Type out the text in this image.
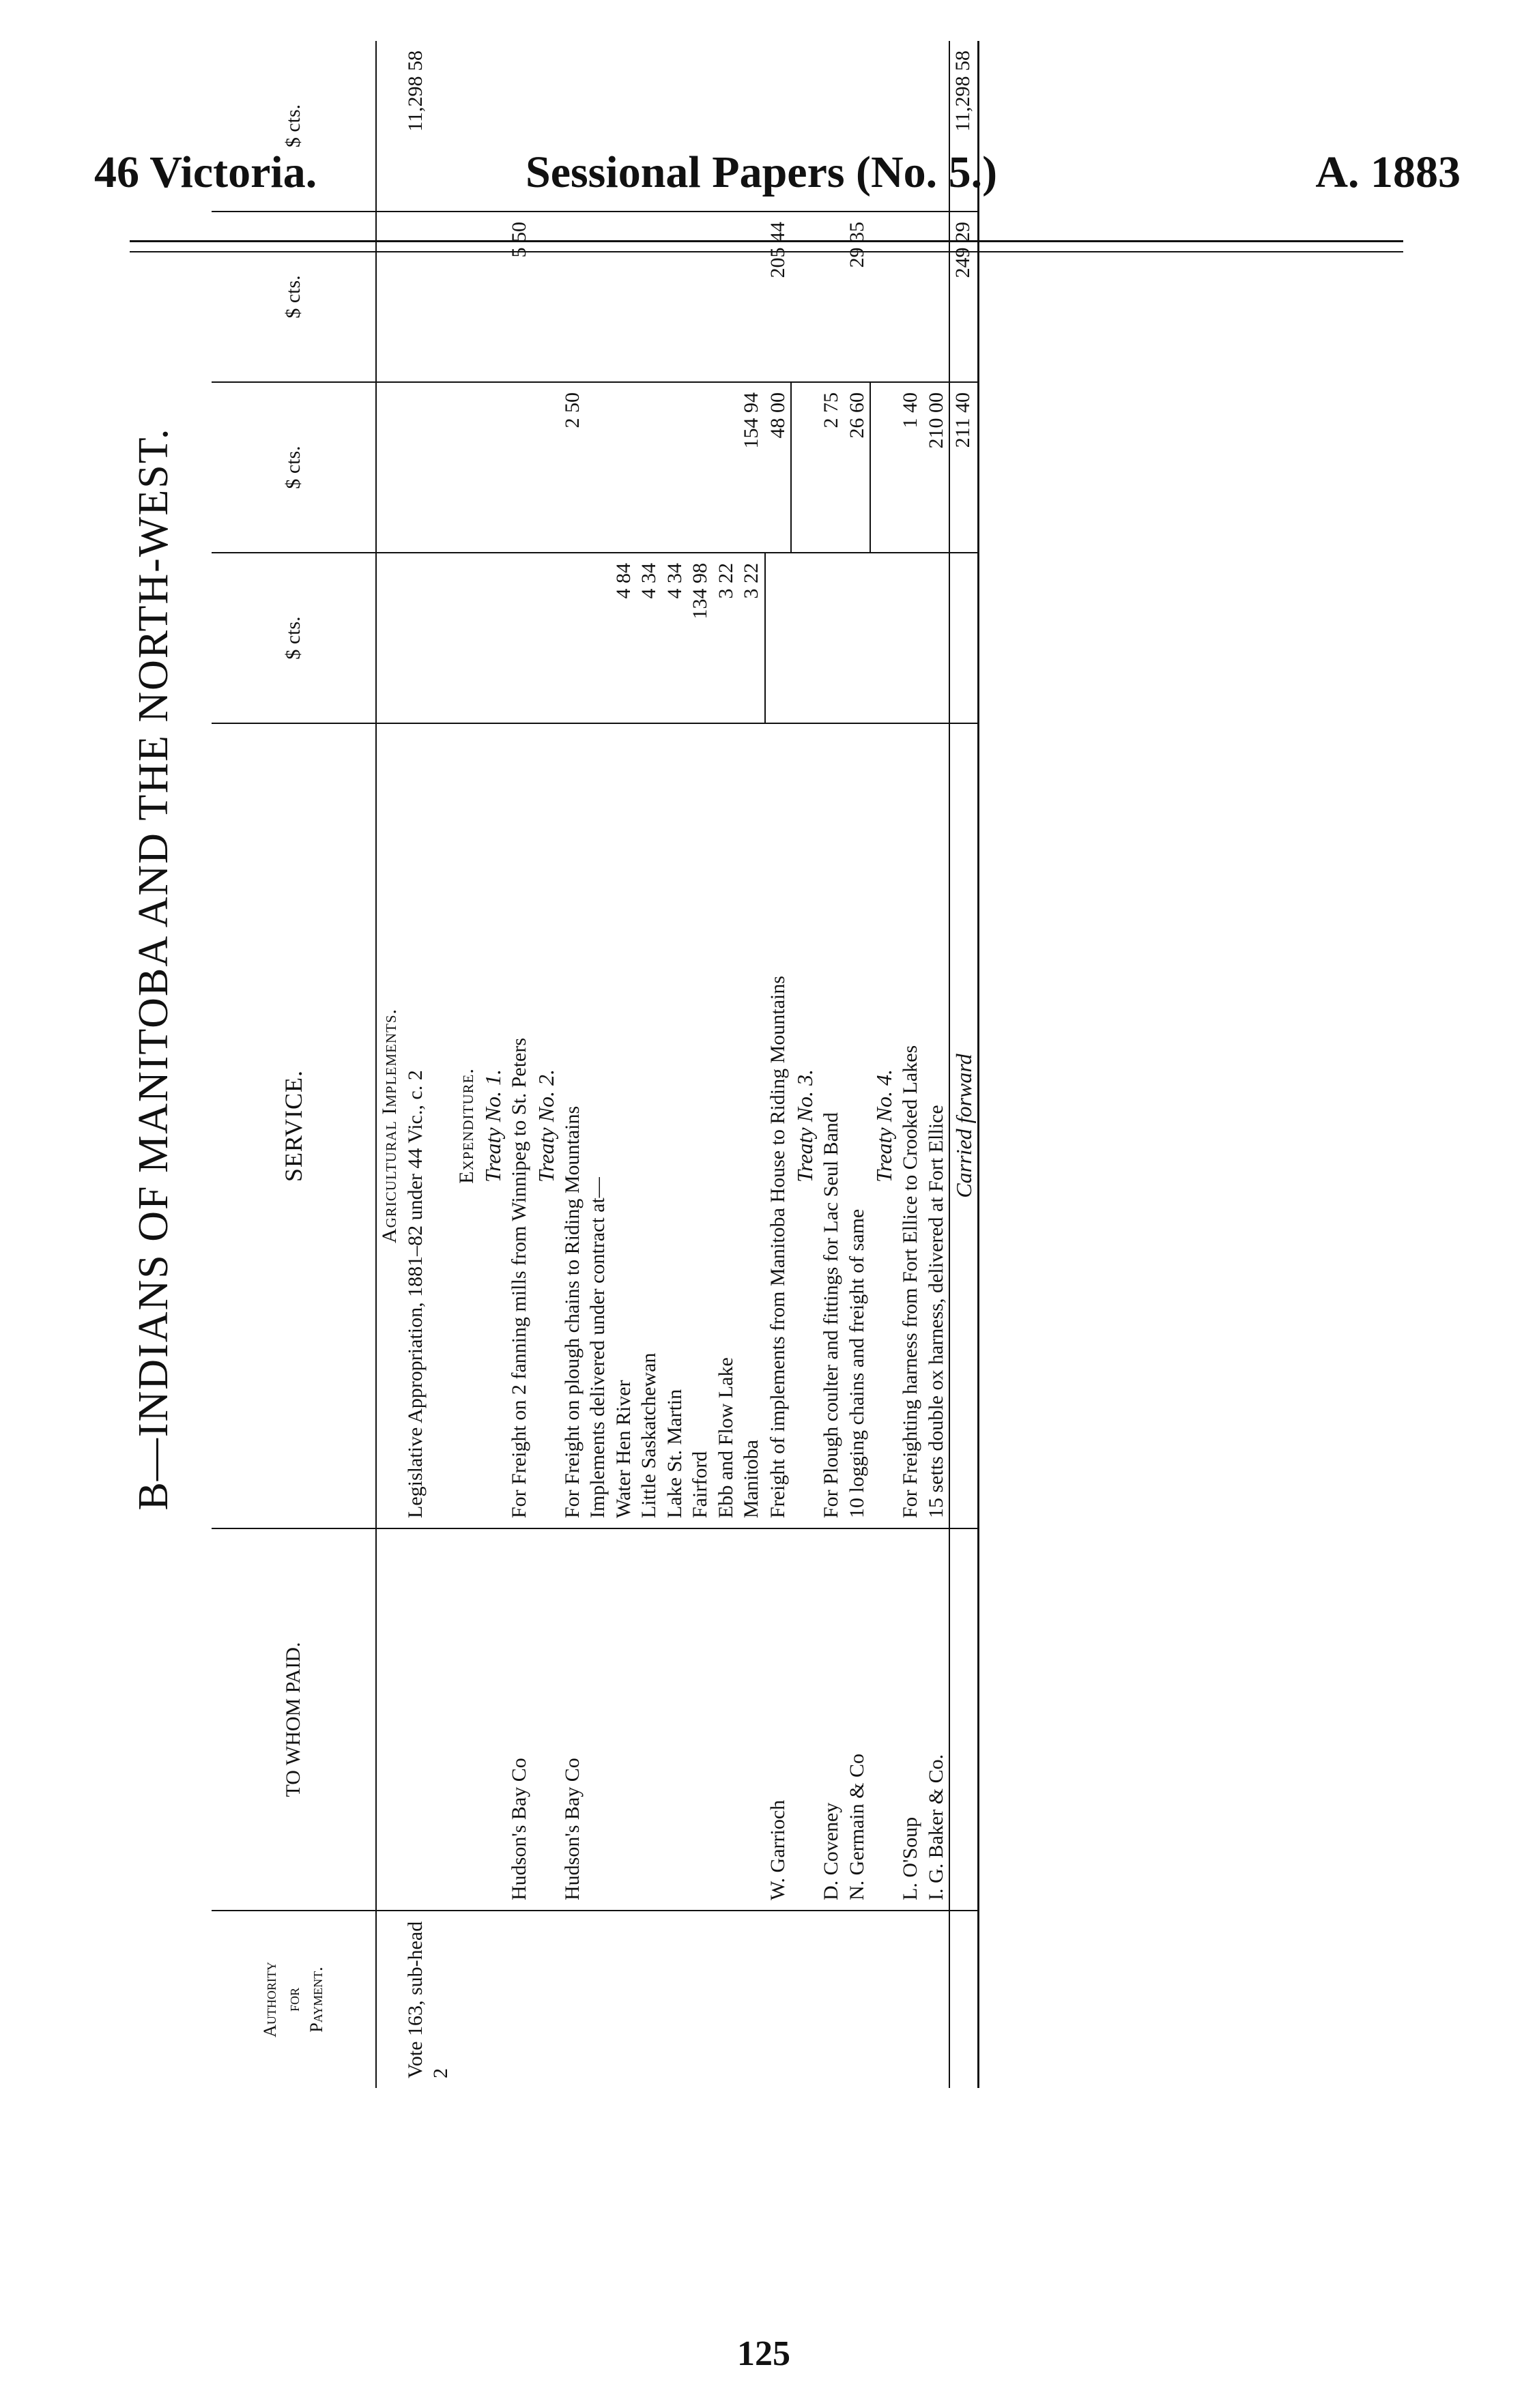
46 Victoria.	Sessional Papers (No. 5.)	A. 1883
B—INDIANS OF MANITOBA AND THE NORTH-WEST.
Authority for Payment.	TO WHOM PAID.	SERVICE.	$ cts.	$ cts.	$ cts.	$ cts.
		Agricultural Implements.				
Vote 163, sub-head 2		Legislative Appropriation, 1881–82 under 44 Vic., c. 2				11,298 58
		Expenditure.				
		Treaty No. 1.				
	Hudson's Bay Co	For Freight on 2 fanning mills from Winnipeg to St. Peters			5 50	
		Treaty No. 2.				
	Hudson's Bay Co	For Freight on plough chains to Riding Mountains		2 50		
		Implements delivered under contract at—				
		Water Hen River	4 84			
		Little Saskatchewan	4 34			
		Lake St. Martin	4 34			
		Fairford	134 98			
		Ebb and Flow Lake	3 22			
		Manitoba	3 22	154 94		
	W. Garrioch	Freight of implements from Manitoba House to Riding Mountains		48 00	205 44	
		Treaty No. 3.				
	D. Coveney	For Plough coulter and fittings for Lac Seul Band		2 75		
	N. Germain & Co	10 logging chains and freight of same		26 60	29 35	
		Treaty No. 4.				
	L. O'Soup	For Freighting harness from Fort Ellice to Crooked Lakes		1 40		
	I. G. Baker & Co.	15 setts double ox harness, delivered at Fort Ellice		210 00		
		Carried forward		211 40	249 29	11,298 58
125
